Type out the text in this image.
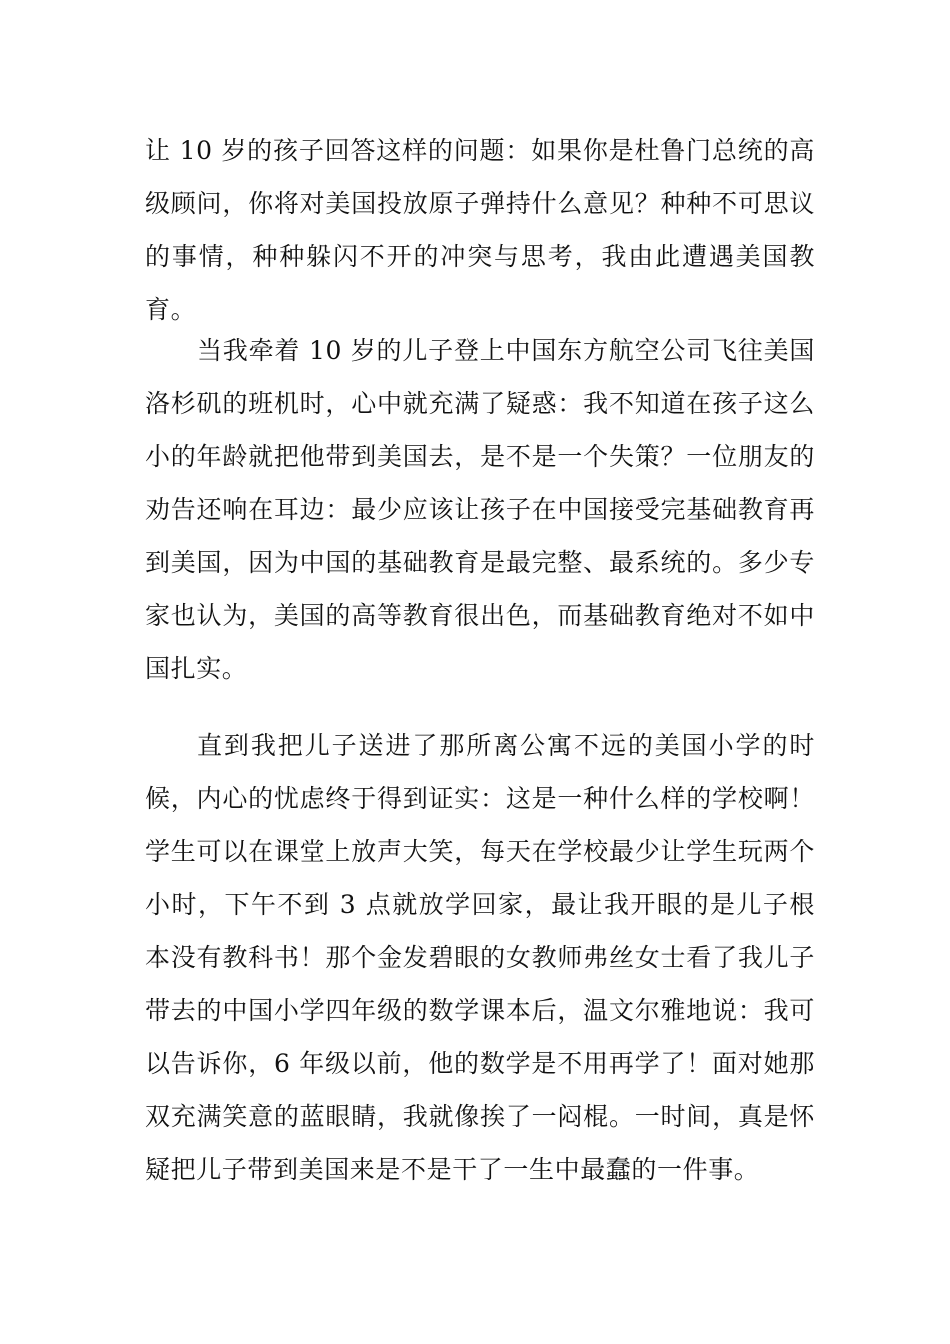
让 10 岁的孩子回答这样的问题：如果你是杜鲁门总统的高级顾问，你将对美国投放原子弹持什么意见？种种不可思议的事情，种种躲闪不开的冲突与思考，我由此遭遇美国教育。

当我牵着 10 岁的儿子登上中国东方航空公司飞往美国洛杉矶的班机时，心中就充满了疑惑：我不知道在孩子这么小的年龄就把他带到美国去，是不是一个失策？一位朋友的劝告还响在耳边：最少应该让孩子在中国接受完基础教育再到美国，因为中国的基础教育是最完整、最系统的。多少专家也认为，美国的高等教育很出色，而基础教育绝对不如中国扎实。

直到我把儿子送进了那所离公寓不远的美国小学的时候，内心的忧虑终于得到证实：这是一种什么样的学校啊！学生可以在课堂上放声大笑，每天在学校最少让学生玩两个小时，下午不到 3 点就放学回家，最让我开眼的是儿子根本没有教科书！那个金发碧眼的女教师弗丝女士看了我儿子带去的中国小学四年级的数学课本后，温文尔雅地说：我可以告诉你，6 年级以前，他的数学是不用再学了！面对她那双充满笑意的蓝眼睛，我就像挨了一闷棍。一时间，真是怀疑把儿子带到美国来是不是干了一生中最蠢的一件事。
